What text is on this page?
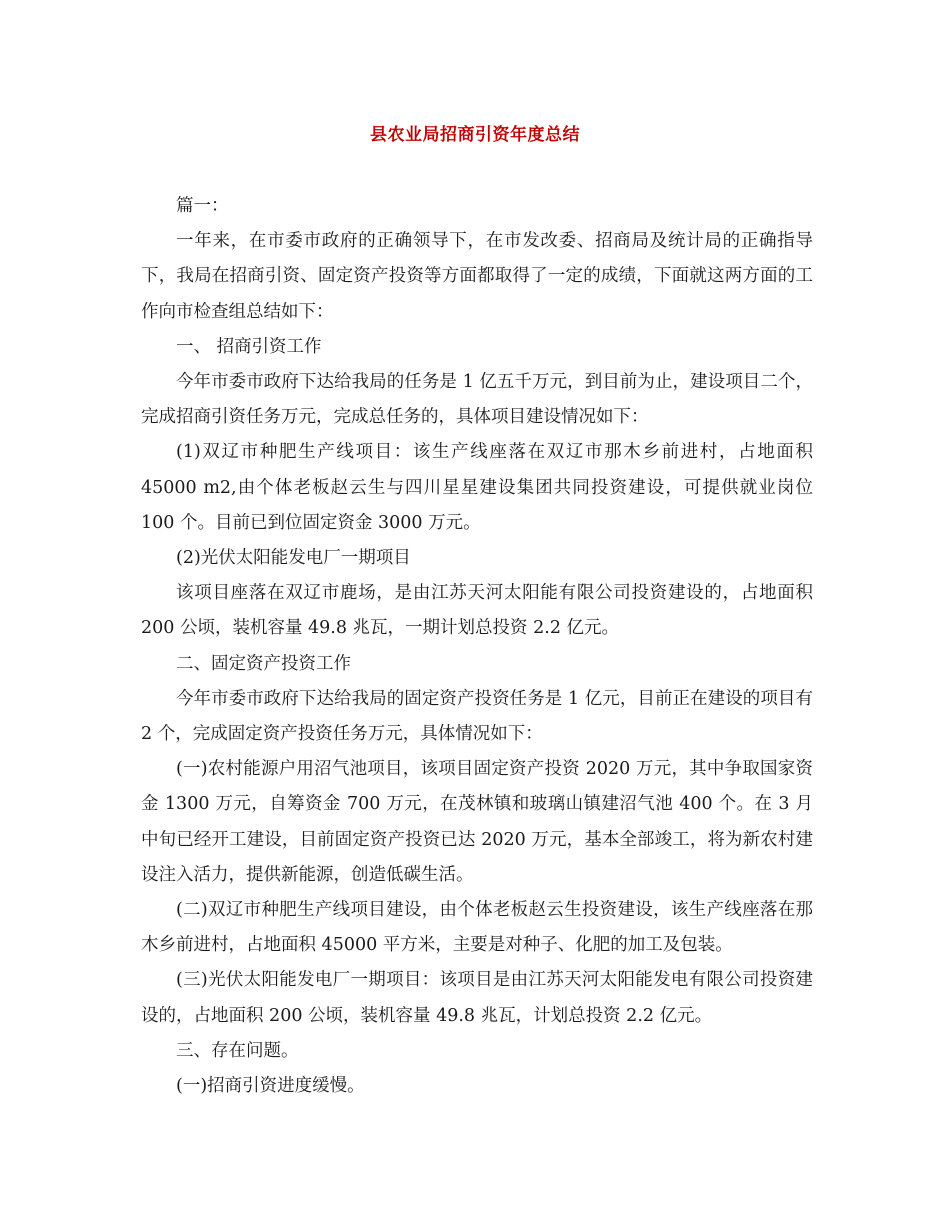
县农业局招商引资年度总结

篇一：

一年来，在市委市政府的正确领导下，在市发改委、招商局及统计局的正确指导下，我局在招商引资、固定资产投资等方面都取得了一定的成绩，下面就这两方面的工作向市检查组总结如下：

一、 招商引资工作

今年市委市政府下达给我局的任务是 1 亿五千万元，到目前为止，建设项目二个，完成招商引资任务万元，完成总任务的，具体项目建设情况如下：

(1)双辽市种肥生产线项目：该生产线座落在双辽市那木乡前进村，占地面积 45000 m2,由个体老板赵云生与四川星星建设集团共同投资建设，可提供就业岗位 100 个。目前已到位固定资金 3000 万元。

(2)光伏太阳能发电厂一期项目

该项目座落在双辽市鹿场，是由江苏天河太阳能有限公司投资建设的，占地面积 200 公顷，装机容量 49.8 兆瓦，一期计划总投资 2.2 亿元。

二、固定资产投资工作

今年市委市政府下达给我局的固定资产投资任务是 1 亿元，目前正在建设的项目有 2 个，完成固定资产投资任务万元，具体情况如下：

(一)农村能源户用沼气池项目，该项目固定资产投资 2020 万元，其中争取国家资金 1300 万元，自筹资金 700 万元，在茂林镇和玻璃山镇建沼气池 400 个。在 3 月中旬已经开工建设，目前固定资产投资已达 2020 万元，基本全部竣工，将为新农村建设注入活力，提供新能源，创造低碳生活。

(二)双辽市种肥生产线项目建设，由个体老板赵云生投资建设，该生产线座落在那木乡前进村，占地面积 45000 平方米，主要是对种子、化肥的加工及包装。

(三)光伏太阳能发电厂一期项目：该项目是由江苏天河太阳能发电有限公司投资建设的，占地面积 200 公顷，装机容量 49.8 兆瓦，计划总投资 2.2 亿元。

三、存在问题。

(一)招商引资进度缓慢。
